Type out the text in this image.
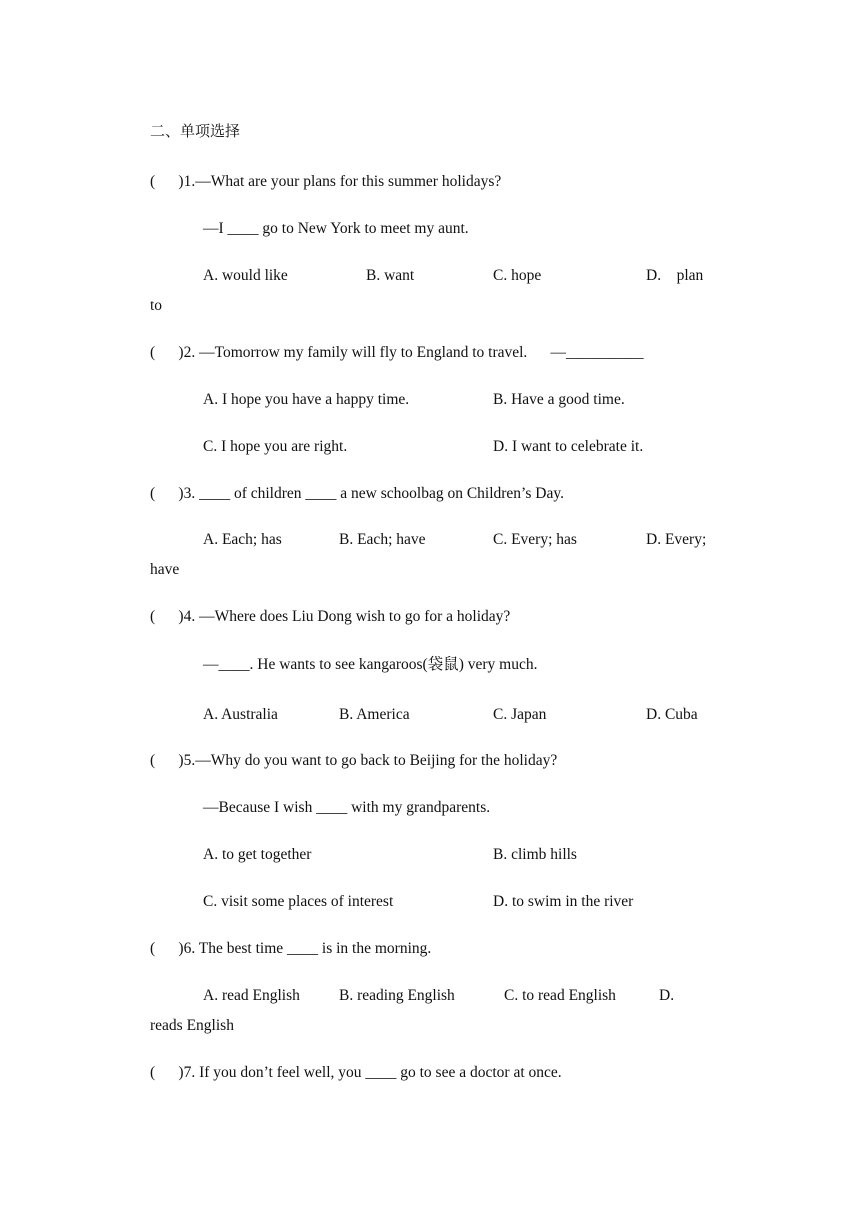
二、单项选择
(      )1.—What are your plans for this summer holidays?
—I ____ go to New York to meet my aunt.
A. would like	B. want	C. hope	D.    plan
to
(      )2. —Tomorrow my family will fly to England to travel.      —__________
A. I hope you have a happy time.	B. Have a good time.
C. I hope you are right.	D. I want to celebrate it.
(      )3. ____ of children ____ a new schoolbag on Children’s Day.
A. Each; has	B. Each; have	C. Every; has	D. Every;
have
(      )4. —Where does Liu Dong wish to go for a holiday?
—____. He wants to see kangaroos(袋鼠) very much.
A. Australia	B. America	C. Japan	D. Cuba
(      )5.—Why do you want to go back to Beijing for the holiday?
—Because I wish ____ with my grandparents.
A. to get together	B. climb hills
C. visit some places of interest	D. to swim in the river
(      )6. The best time ____ is in the morning.
A. read English	B. reading English	C. to read English	D.
reads English
(      )7. If you don’t feel well, you ____ go to see a doctor at once.
